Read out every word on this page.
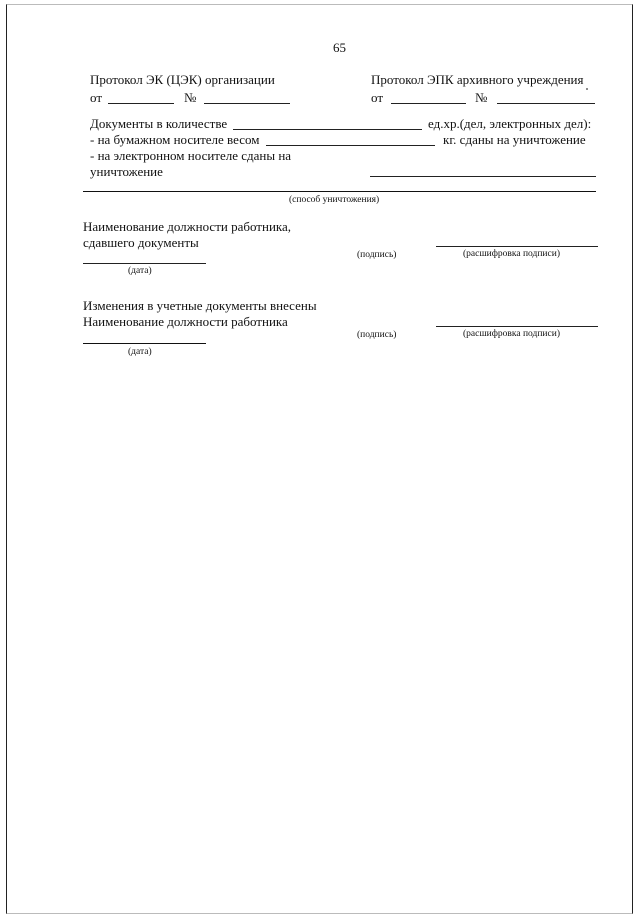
65
Протокол ЭК (ЦЭК) организации
от	№
Протокол ЭПК архивного учреждения
от	№
Документы в количестве	ед.хр.(дел, электронных дел):
- на бумажном носителе весом	кг. сданы на уничтожение
- на электронном носителе сданы на
уничтожение
(способ уничтожения)
Наименование должности работника,
сдавшего документы
(подпись)	(расшифровка подписи)
(дата)
Изменения в учетные документы внесены
Наименование должности работника
(подпись)	(расшифровка подписи)
(дата)
